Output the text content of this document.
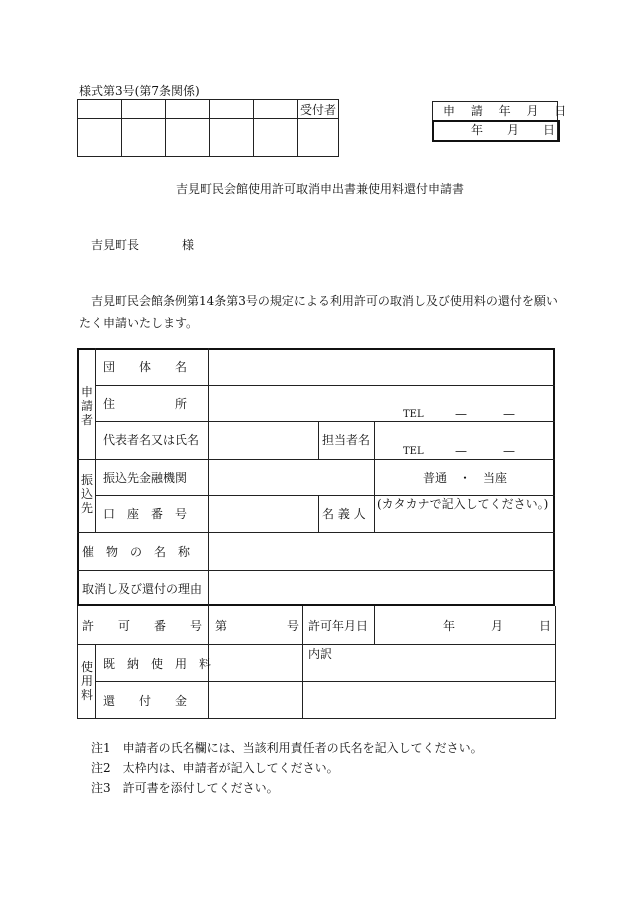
様式第3号(第7条関係)
					受付者
						申 請 年 月 日
年　　月　　日
吉見町民会館使用許可取消申出書兼使用料還付申請書
吉見町長	様
吉見町民会館条例第14条第3号の規定による利用許可の取消し及び使用料の還付を願い
たく申請いたします。
申請者
団　　体　　名
住　　　　　所
TEL	—　　　—
代表者名又は氏名	担当者名
TEL	—　　　—
振込先
振込先金融機関	普通　・　当座
口　座　番　号	名 義 人
(カタカナで記入してください。)
催　物　の　名　称
取消し及び還付の理由
許　　可　　番　　号 第	号 許可年月日	年　　　月　　　日
使用料
既　納　使　用　料
内訳
還　　付　　金
注1　申請者の氏名欄には、当該利用責任者の氏名を記入してください。
注2　太枠内は、申請者が記入してください。
注3　許可書を添付してください。
